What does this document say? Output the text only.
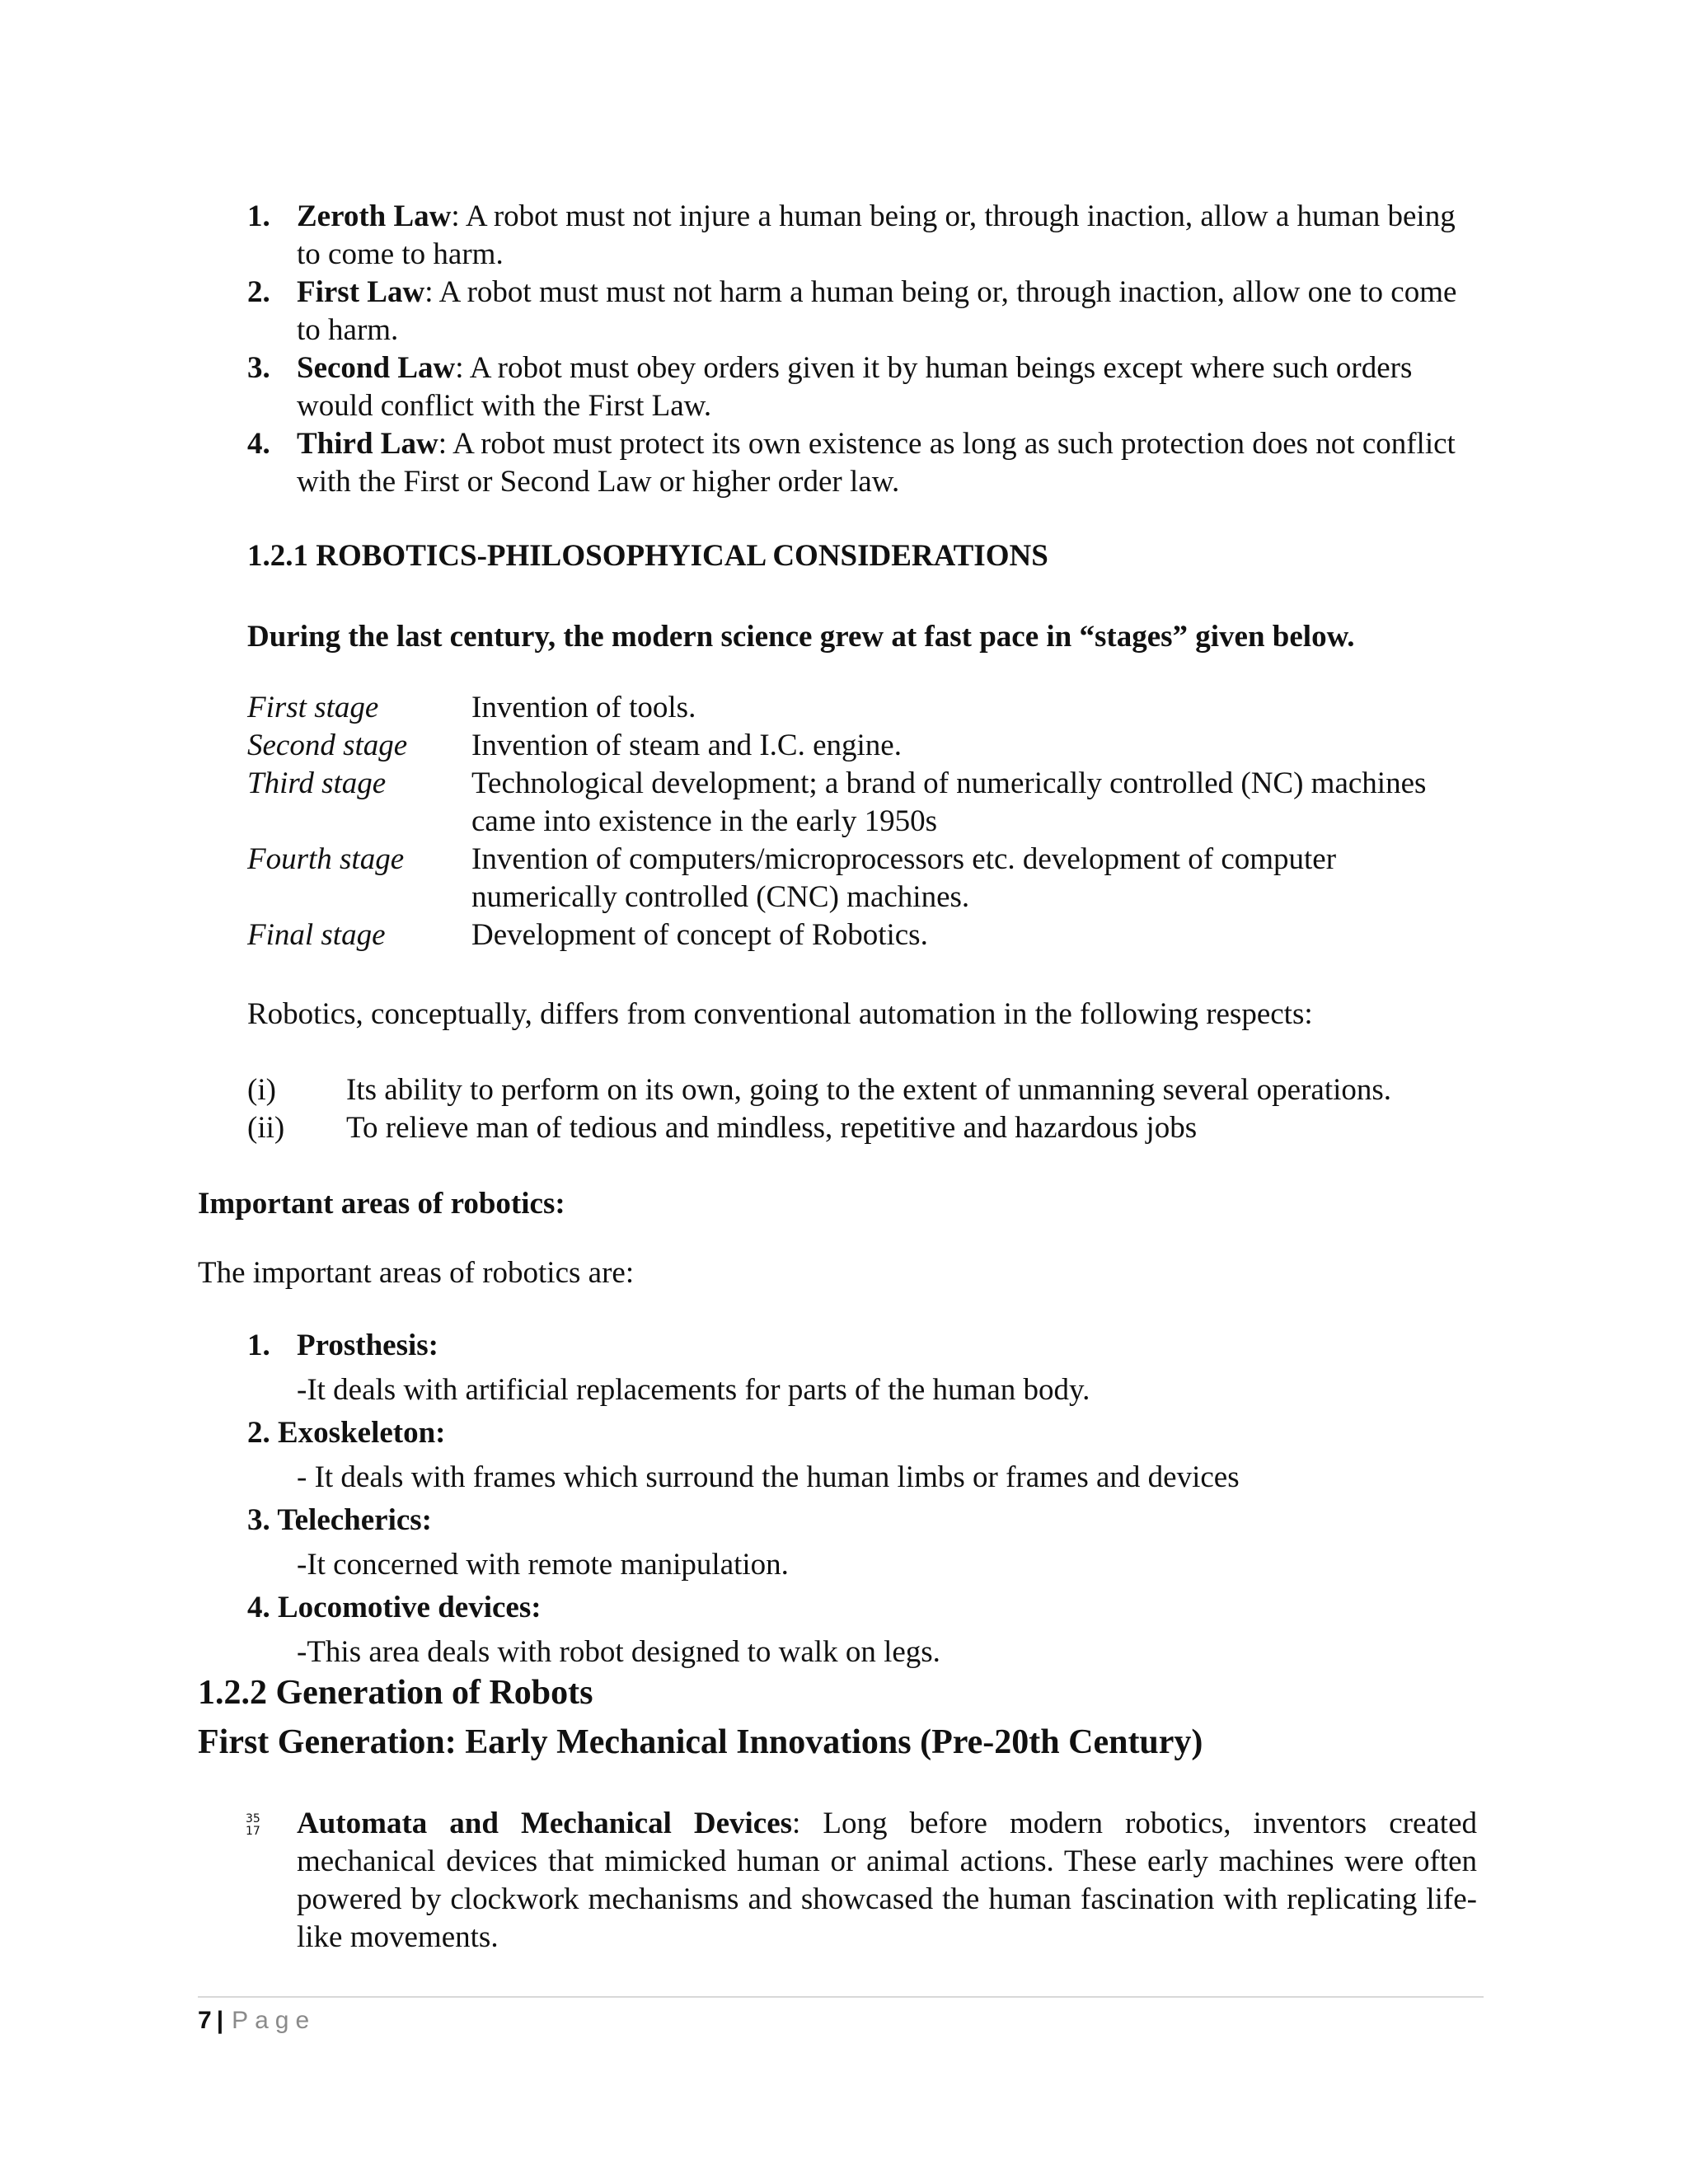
1. Zeroth Law: A robot must not injure a human being or, through inaction, allow a human being to come to harm.
2. First Law: A robot must must not harm a human being or, through inaction, allow one to come to harm.
3. Second Law: A robot must obey orders given it by human beings except where such orders would conflict with the First Law.
4. Third Law: A robot must protect its own existence as long as such protection does not conflict with the First or Second Law or higher order law.
1.2.1 ROBOTICS-PHILOSOPHYICAL CONSIDERATIONS
During the last century, the modern science grew at fast pace in “stages” given below.
First stage	Invention of tools.
Second stage	Invention of steam and I.C. engine.
Third stage	Technological development; a brand of numerically controlled (NC) machines came into existence in the early 1950s
Fourth stage	Invention of computers/microprocessors etc. development of computer numerically controlled (CNC) machines.
Final stage	Development of concept of Robotics.
Robotics, conceptually, differs from conventional automation in the following respects:
(i)	Its ability to perform on its own, going to the extent of unmanning several operations.
(ii)	To relieve man of tedious and mindless, repetitive and hazardous jobs
Important areas of robotics:
The important areas of robotics are:
1. Prosthesis:
-It deals with artificial replacements for parts of the human body.
2. Exoskeleton:
- It deals with frames which surround the human limbs or frames and devices
3. Telecherics:
-It concerned with remote manipulation.
4. Locomotive devices:
-This area deals with robot designed to walk on legs.
1.2.2 Generation of Robots
First Generation: Early Mechanical Innovations (Pre-20th Century)
35
17 Automata and Mechanical Devices: Long before modern robotics, inventors created mechanical devices that mimicked human or animal actions. These early machines were often powered by clockwork mechanisms and showcased the human fascination with replicating life-like movements.
7 | Page
